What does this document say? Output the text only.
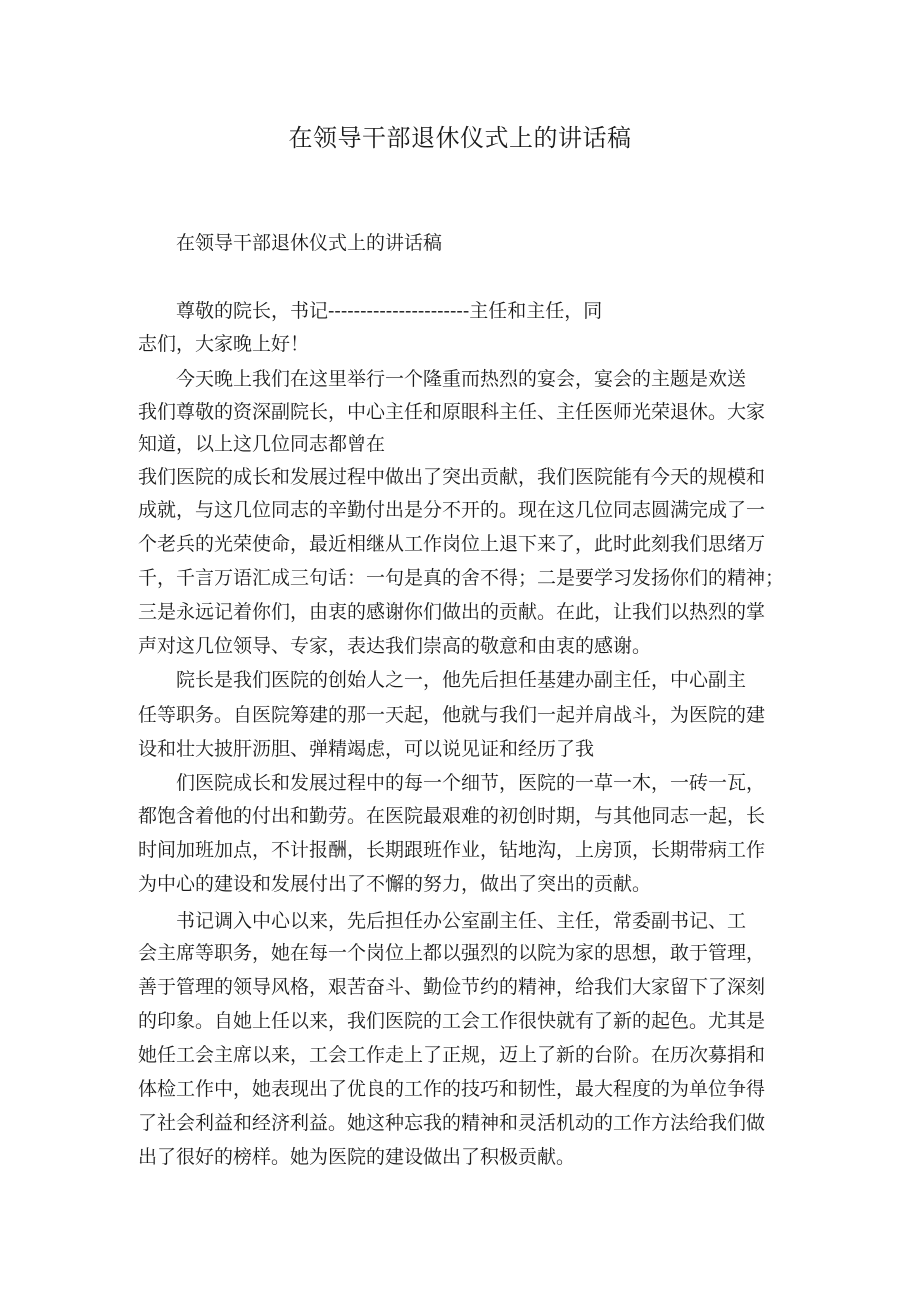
在领导干部退休仪式上的讲话稿
在领导干部退休仪式上的讲话稿
尊敬的院长，书记----------------------主任和主任，同
志们，大家晚上好！
今天晚上我们在这里举行一个隆重而热烈的宴会，宴会的主题是欢送
我们尊敬的资深副院长，中心主任和原眼科主任、主任医师光荣退休。大家
知道，以上这几位同志都曾在
我们医院的成长和发展过程中做出了突出贡献，我们医院能有今天的规模和
成就，与这几位同志的辛勤付出是分不开的。现在这几位同志圆满完成了一
个老兵的光荣使命，最近相继从工作岗位上退下来了，此时此刻我们思绪万
千，千言万语汇成三句话：一句是真的舍不得；二是要学习发扬你们的精神；
三是永远记着你们，由衷的感谢你们做出的贡献。在此，让我们以热烈的掌
声对这几位领导、专家，表达我们崇高的敬意和由衷的感谢。
院长是我们医院的创始人之一，他先后担任基建办副主任，中心副主
任等职务。自医院筹建的那一天起，他就与我们一起并肩战斗，为医院的建
设和壮大披肝沥胆、弹精竭虑，可以说见证和经历了我
们医院成长和发展过程中的每一个细节，医院的一草一木，一砖一瓦，
都饱含着他的付出和勤劳。在医院最艰难的初创时期，与其他同志一起，长
时间加班加点，不计报酬，长期跟班作业，钻地沟，上房顶，长期带病工作
为中心的建设和发展付出了不懈的努力，做出了突出的贡献。
书记调入中心以来，先后担任办公室副主任、主任，常委副书记、工
会主席等职务，她在每一个岗位上都以强烈的以院为家的思想，敢于管理，
善于管理的领导风格，艰苦奋斗、勤俭节约的精神，给我们大家留下了深刻
的印象。自她上任以来，我们医院的工会工作很快就有了新的起色。尤其是
她任工会主席以来，工会工作走上了正规，迈上了新的台阶。在历次募捐和
体检工作中，她表现出了优良的工作的技巧和韧性，最大程度的为单位争得
了社会利益和经济利益。她这种忘我的精神和灵活机动的工作方法给我们做
出了很好的榜样。她为医院的建设做出了积极贡献。
